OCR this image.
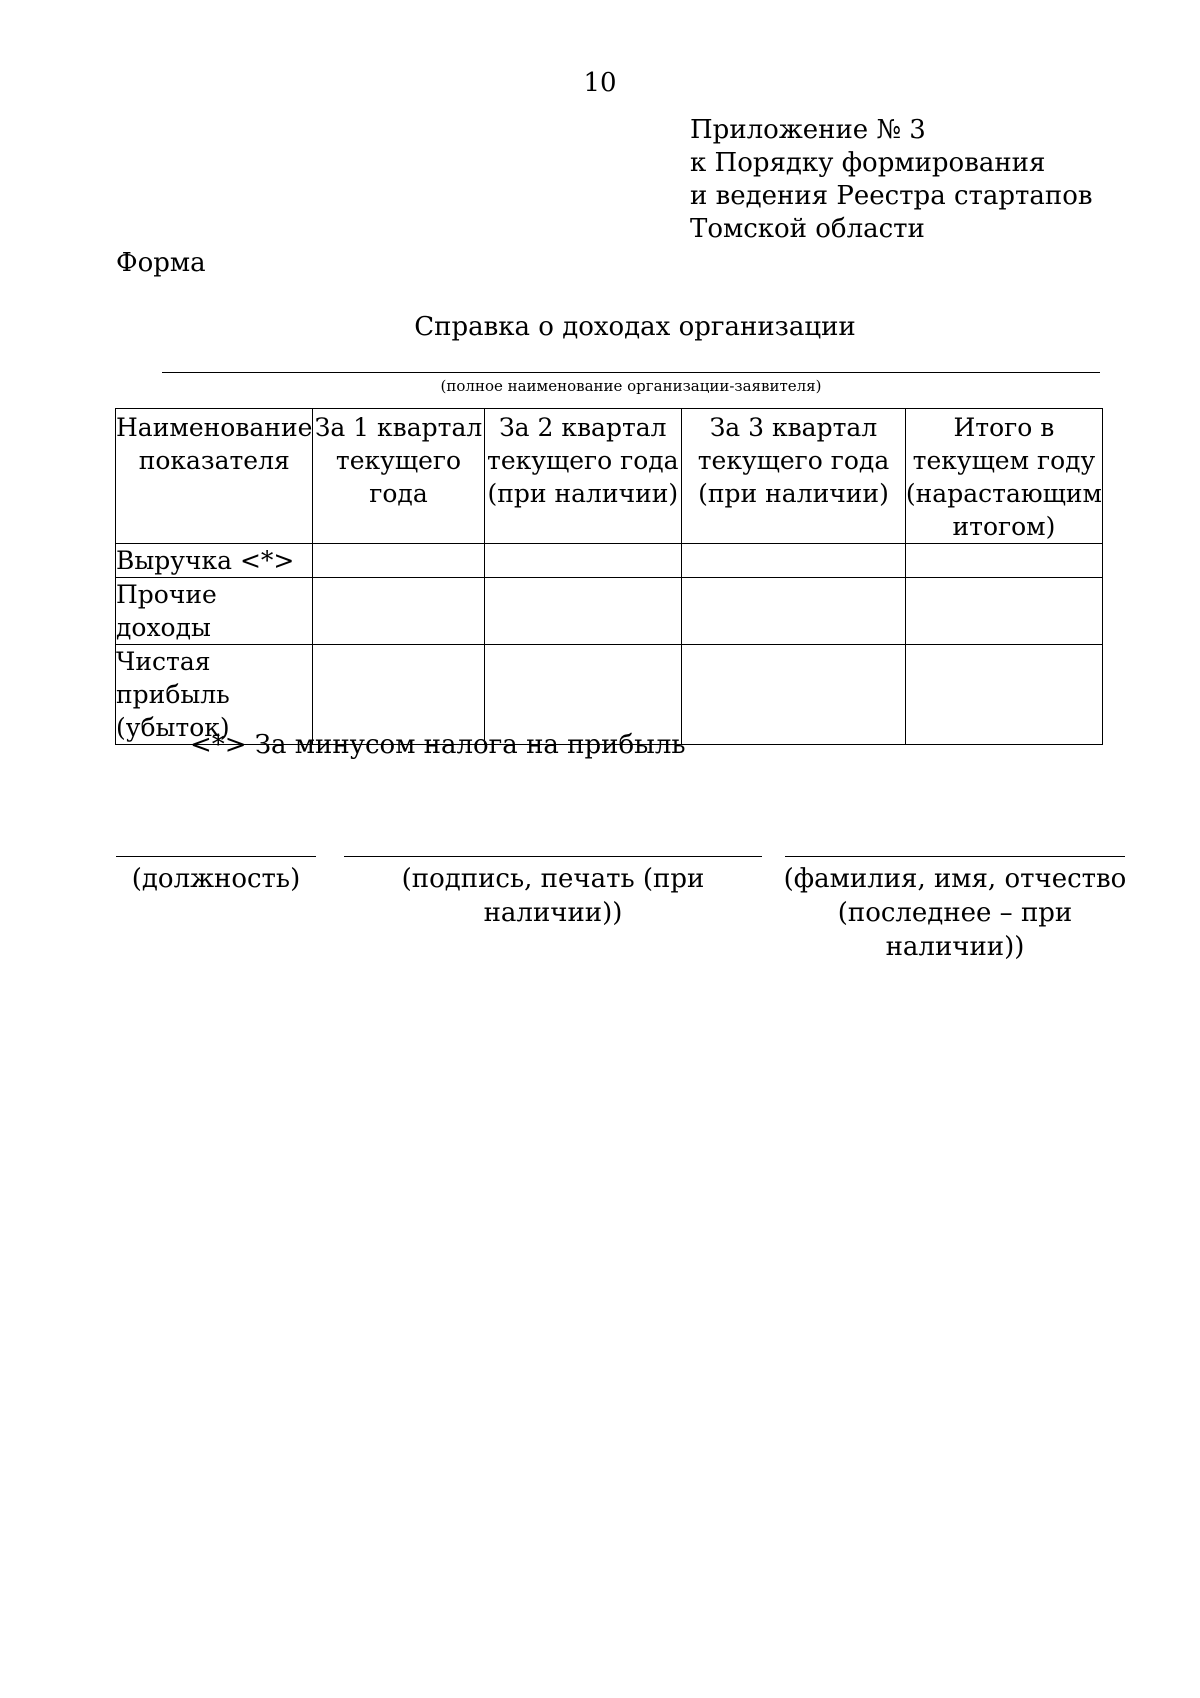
10
Приложение № 3
к Порядку формирования
и ведения Реестра стартапов
Томской области
Форма
Справка о доходах организации
(полное наименование организации-заявителя)
Наименование показателя	За 1 квартал текущего года	За 2 квартал текущего года (при наличии)	За 3 квартал текущего года (при наличии)	Итого в текущем году (нарастающим итогом)
Выручка <*>				
Прочие доходы				
Чистая прибыль (убыток)				
<*> За минусом налога на прибыль
(должность)	(подпись, печать (при наличии))
(фамилия, имя, отчество
(последнее – при наличии))
